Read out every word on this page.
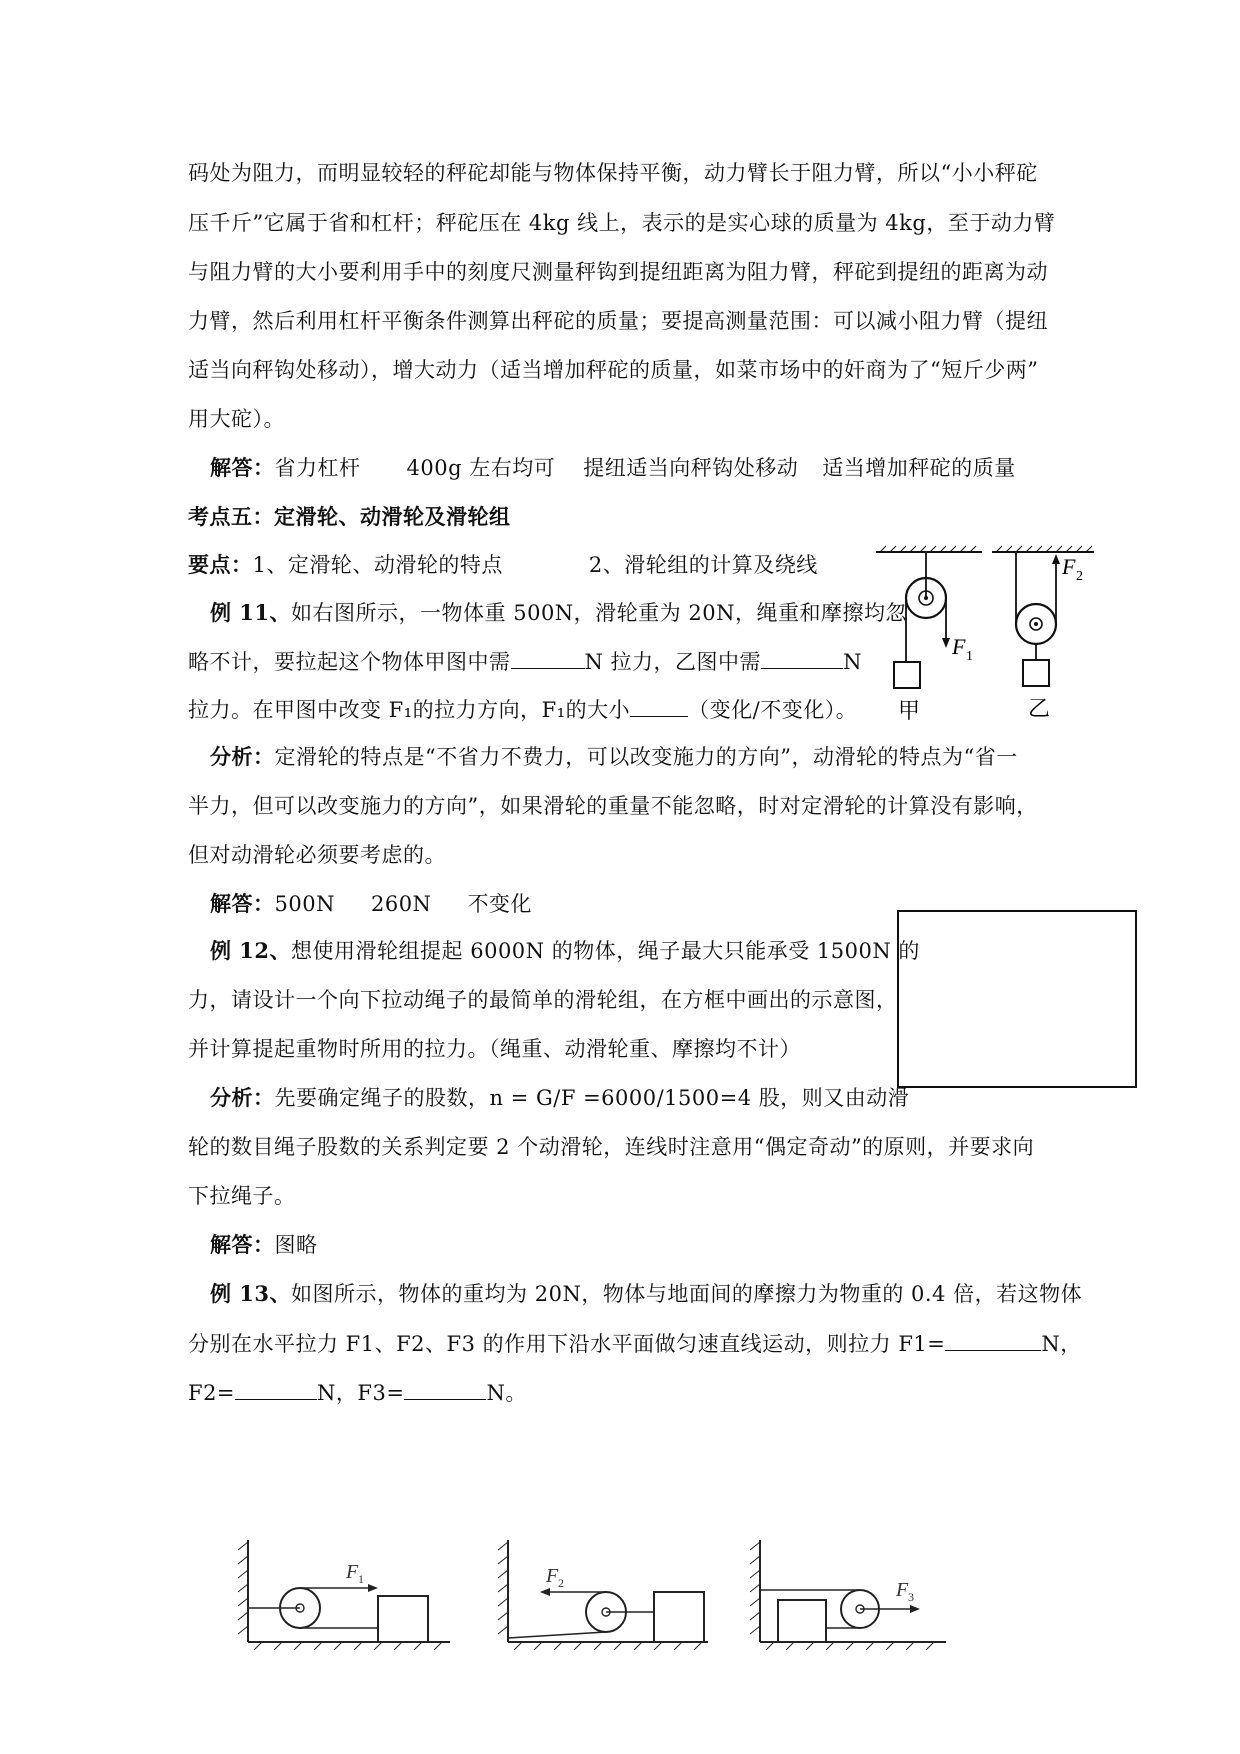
码处为阻力，而明显较轻的秤砣却能与物体保持平衡，动力臂长于阻力臂，所以“小小秤砣
压千斤”它属于省和杠杆；秤砣压在 4kg 线上，表示的是实心球的质量为 4kg，至于动力臂
与阻力臂的大小要利用手中的刻度尺测量秤钩到提纽距离为阻力臂，秤砣到提纽的距离为动
力臂，然后利用杠杆平衡条件测算出秤砣的质量；要提高测量范围：可以减小阻力臂（提纽
适当向秤钩处移动），增大动力（适当增加秤砣的质量，如菜市场中的奸商为了“短斤少两”
用大砣）。
解答：省力杠杆 400g 左右均可 提纽适当向秤钩处移动 适当增加秤砣的质量
考点五：定滑轮、动滑轮及滑轮组
要点：1、定滑轮、动滑轮的特点	2、滑轮组的计算及绕线
例 11、如右图所示，一物体重 500N，滑轮重为 20N，绳重和摩擦均忽
略不计，要拉起这个物体甲图中需	N 拉力，乙图中需	N
拉力。在甲图中改变 F₁的拉力方向，F₁的大小	（变化/不变化）。
分析：定滑轮的特点是“不省力不费力，可以改变施力的方向”，动滑轮的特点为“省一
半力，但可以改变施力的方向”，如果滑轮的重量不能忽略，时对定滑轮的计算没有影响，
但对动滑轮必须要考虑的。
解答：500N 260N 不变化
F 1
甲
F 2
乙
例 12、想使用滑轮组提起 6000N 的物体，绳子最大只能承受 1500N 的
力，请设计一个向下拉动绳子的最简单的滑轮组，在方框中画出的示意图，
并计算提起重物时所用的拉力。（绳重、动滑轮重、摩擦均不计）
分析：先要确定绳子的股数，n = G/F =6000/1500=4 股，则又由动滑
轮的数目绳子股数的关系判定要 2 个动滑轮，连线时注意用“偶定奇动”的原则，并要求向
下拉绳子。
解答：图略
例 13、如图所示，物体的重均为 20N，物体与地面间的摩擦力为物重的 0.4 倍，若这物体
分别在水平拉力 F1、F2、F3 的作用下沿水平面做匀速直线运动，则拉力 F1=	N，
F2=	N，F3=	N。
F 1	F 2	F 3
